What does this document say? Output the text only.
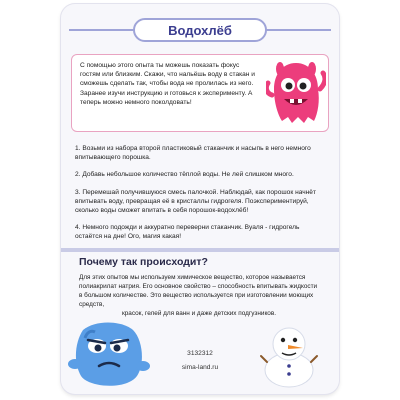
Водохлёб
С помощью этого опыта ты можешь показать фокус гостям или близким. Скажи, что нальёшь воду в стакан и сможешь сделать так, чтобы вода не пролилась из него. Заранее изучи инструкцию и готовься к эксперименту. А теперь можно немного поколдовать!

1. Возьми из набора второй пластиковый стаканчик и насыпь в него немного впитывающего порошка.

2. Добавь небольшое количество тёплой воды. Не лей слишком много.

3. Перемешай получившуюся смесь палочкой. Наблюдай, как порошок начнёт впитывать воду, превращая её в кристаллы гидрогеля. Поэкспериментируй, сколько воды сможет впитать в себя порошок-водохлёб!

4. Немного подожди и аккуратно переверни стаканчик. Вуаля - гидрогель остаётся на дне! Ого, магия какая!

Почему так происходит?
Для этих опытов мы используем химическое вещество, которое называется полиакрилат натрия. Его основное свойство – способность впитывать жидкости в большом количестве. Это вещество используется при изготовлении моющих средств,
красок, гелей для ванн и даже детских подгузников.
3132312
sima-land.ru
